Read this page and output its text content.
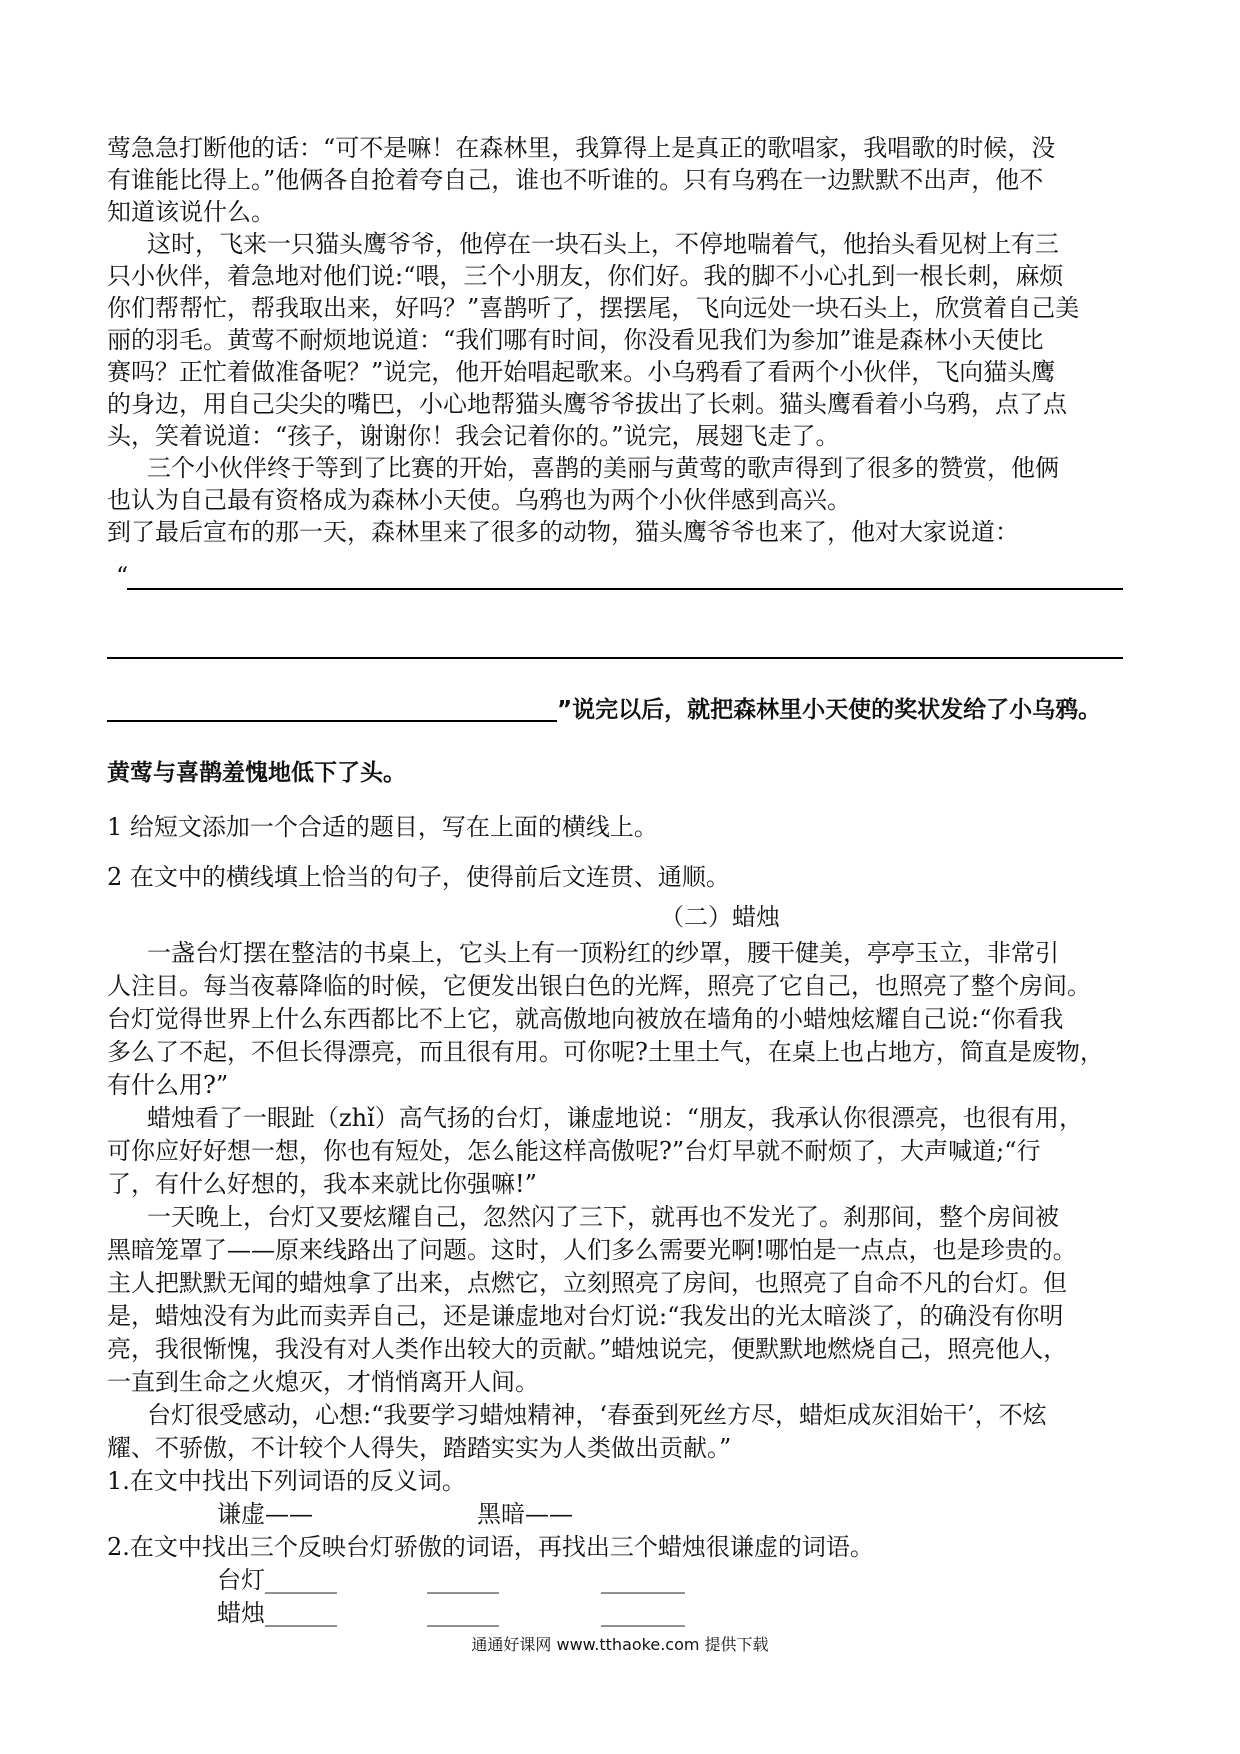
莺急急打断他的话：“可不是嘛！在森林里，我算得上是真正的歌唱家，我唱歌的时候，没
有谁能比得上。”他俩各自抢着夸自己，谁也不听谁的。只有乌鸦在一边默默不出声，他不
知道该说什么。
这时，飞来一只猫头鹰爷爷，他停在一块石头上，不停地喘着气，他抬头看见树上有三
只小伙伴，着急地对他们说:“喂，三个小朋友，你们好。我的脚不小心扎到一根长刺，麻烦
你们帮帮忙，帮我取出来，好吗？”喜鹊听了，摆摆尾，飞向远处一块石头上，欣赏着自己美
丽的羽毛。黄莺不耐烦地说道：“我们哪有时间，你没看见我们为参加”谁是森林小天使比
赛吗？正忙着做准备呢？”说完，他开始唱起歌来。小乌鸦看了看两个小伙伴，飞向猫头鹰
的身边，用自己尖尖的嘴巴，小心地帮猫头鹰爷爷拔出了长刺。猫头鹰看着小乌鸦，点了点
头，笑着说道：“孩子，谢谢你！我会记着你的。”说完，展翅飞走了。
三个小伙伴终于等到了比赛的开始，喜鹊的美丽与黄莺的歌声得到了很多的赞赏，他俩
也认为自己最有资格成为森林小天使。乌鸦也为两个小伙伴感到高兴。
到了最后宣布的那一天，森林里来了很多的动物，猫头鹰爷爷也来了，他对大家说道：
“
”说完以后，就把森林里小天使的奖状发给了小乌鸦。
黄莺与喜鹊羞愧地低下了头。
1 给短文添加一个合适的题目，写在上面的横线上。
2 在文中的横线填上恰当的句子，使得前后文连贯、通顺。
（二）蜡烛
一盏台灯摆在整洁的书桌上，它头上有一顶粉红的纱罩，腰干健美，亭亭玉立，非常引
人注目。每当夜幕降临的时候，它便发出银白色的光辉，照亮了它自己，也照亮了整个房间。
台灯觉得世界上什么东西都比不上它，就高傲地向被放在墙角的小蜡烛炫耀自己说:“你看我
多么了不起，不但长得漂亮，而且很有用。可你呢?土里土气，在桌上也占地方，简直是废物，
有什么用?”
蜡烛看了一眼趾（zhǐ）高气扬的台灯，谦虚地说：“朋友，我承认你很漂亮，也很有用，
可你应好好想一想，你也有短处，怎么能这样高傲呢?”台灯早就不耐烦了，大声喊道;“行
了，有什么好想的，我本来就比你强嘛!”
一天晚上，台灯又要炫耀自己，忽然闪了三下，就再也不发光了。刹那间，整个房间被
黑暗笼罩了——原来线路出了问题。这时，人们多么需要光啊!哪怕是一点点，也是珍贵的。
主人把默默无闻的蜡烛拿了出来，点燃它，立刻照亮了房间，也照亮了自命不凡的台灯。但
是，蜡烛没有为此而卖弄自己，还是谦虚地对台灯说:“我发出的光太暗淡了，的确没有你明
亮，我很惭愧，我没有对人类作出较大的贡献。”蜡烛说完，便默默地燃烧自己，照亮他人，
一直到生命之火熄灭，才悄悄离开人间。
台灯很受感动，心想:“我要学习蜡烛精神，‘春蚕到死丝方尽，蜡炬成灰泪始干’，不炫
耀、不骄傲，不计较个人得失，踏踏实实为人类做出贡献。”
1.在文中找出下列词语的反义词。
谦虚——	黑暗——
2.在文中找出三个反映台灯骄傲的词语，再找出三个蜡烛很谦虚的词语。
台灯 ______	______	_______
蜡烛 ______	______	_______
通通好课网 www.tthaoke.com 提供下载
